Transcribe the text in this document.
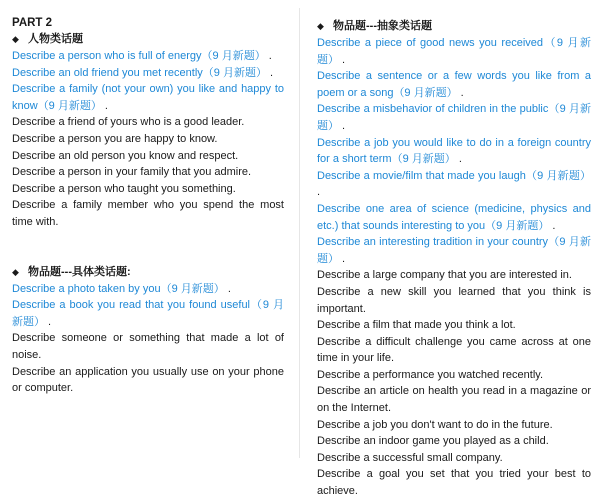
PART 2

◆ 人物类话题

Describe a person who is full of energy（9 月新题） .

Describe an old friend you met recently（9 月新题） .

Describe a family (not your own) you like and happy to know（9 月新题） .

Describe a friend of yours who is a good leader.

Describe a person you are happy to know.

Describe an old person you know and respect.

Describe a person in your family that you admire.

Describe a person who taught you something.

Describe a family member who you spend the most time with.

◆ 物品题---具体类话题:

Describe a photo taken by you（9 月新题） .

Describe a book you read that you found useful（9 月新题） .

Describe someone or something that made a lot of noise.

Describe an application you usually use on your phone or computer.

◆ 物品题---抽象类话题

Describe a piece of good news you received（9 月新题） .

Describe a sentence or a few words you like from a poem or a song（9 月新题） .

Describe a misbehavior of children in the public（9 月新题） .

Describe a job you would like to do in a foreign country for a short term（9 月新题） .

Describe a movie/film that made you laugh（9 月新题） .

Describe one area of science (medicine, physics and etc.) that sounds interesting to you（9 月新题） .

Describe an interesting tradition in your country（9 月新题） .

Describe a large company that you are interested in.

Describe a new skill you learned that you think is important.

Describe a film that made you think a lot.

Describe a difficult challenge you came across at one time in your life.

Describe a performance you watched recently.

Describe an article on health you read in a magazine or on the Internet.

Describe a job you don't want to do in the future.

Describe an indoor game you played as a child.

Describe a successful small company.

Describe a goal you set that you tried your best to achieve.
